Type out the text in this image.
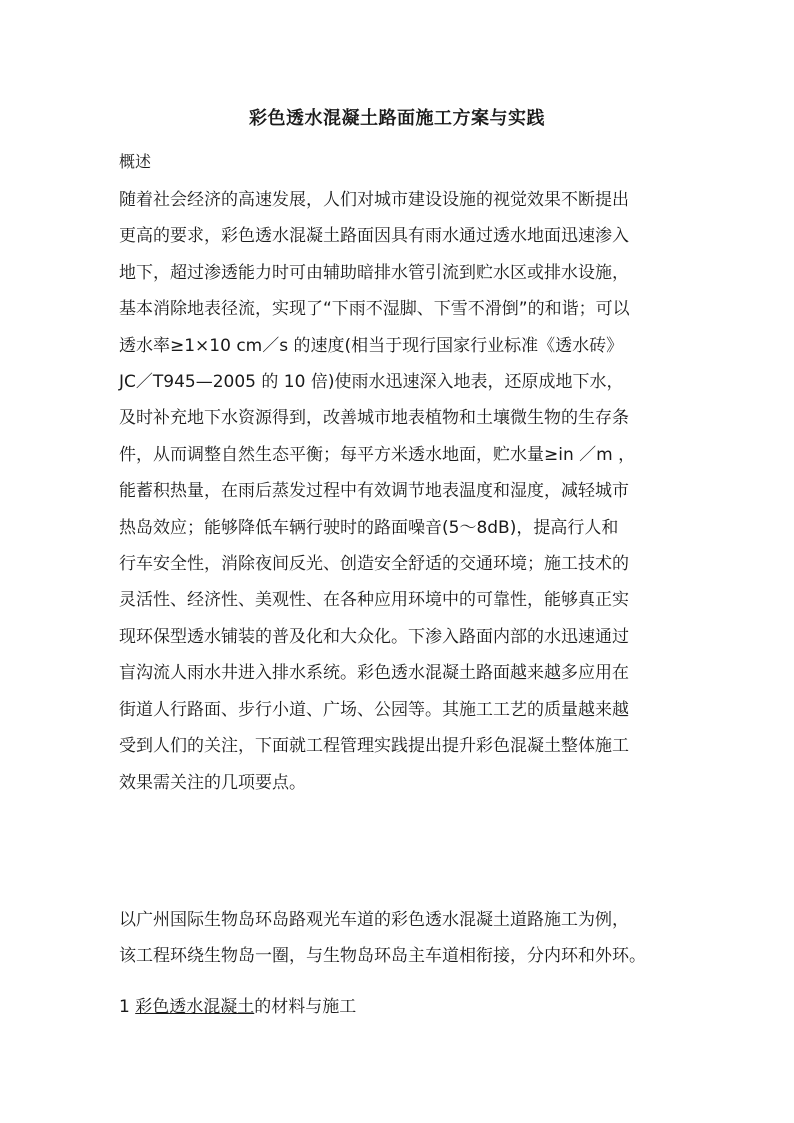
彩色透水混凝土路面施工方案与实践
概述
随着社会经济的高速发展，人们对城市建设设施的视觉效果不断提出
更高的要求，彩色透水混凝土路面因具有雨水通过透水地面迅速渗入
地下，超过渗透能力时可由辅助暗排水管引流到贮水区或排水设施，
基本消除地表径流，实现了“下雨不湿脚、下雪不滑倒”的和谐；可以
透水率≥1×10 cm／s 的速度(相当于现行国家行业标准《透水砖》
JC／T945—2005 的 10 倍)使雨水迅速深入地表，还原成地下水，
及时补充地下水资源得到，改善城市地表植物和土壤微生物的生存条
件，从而调整自然生态平衡；每平方米透水地面，贮水量≥in ／m ，
能蓄积热量，在雨后蒸发过程中有效调节地表温度和湿度，减轻城市
热岛效应；能够降低车辆行驶时的路面噪音(5～8dB)，提高行人和
行车安全性，消除夜间反光、创造安全舒适的交通环境；施工技术的
灵活性、经济性、美观性、在各种应用环境中的可靠性，能够真正实
现环保型透水铺装的普及化和大众化。下渗入路面内部的水迅速通过
盲沟流人雨水井进入排水系统。彩色透水混凝土路面越来越多应用在
街道人行路面、步行小道、广场、公园等。其施工工艺的质量越来越
受到人们的关注，下面就工程管理实践提出提升彩色混凝土整体施工
效果需关注的几项要点。
以广州国际生物岛环岛路观光车道的彩色透水混凝土道路施工为例，
该工程环绕生物岛一圈，与生物岛环岛主车道相衔接，分内环和外环。
1 彩色透水混凝土的材料与施工
